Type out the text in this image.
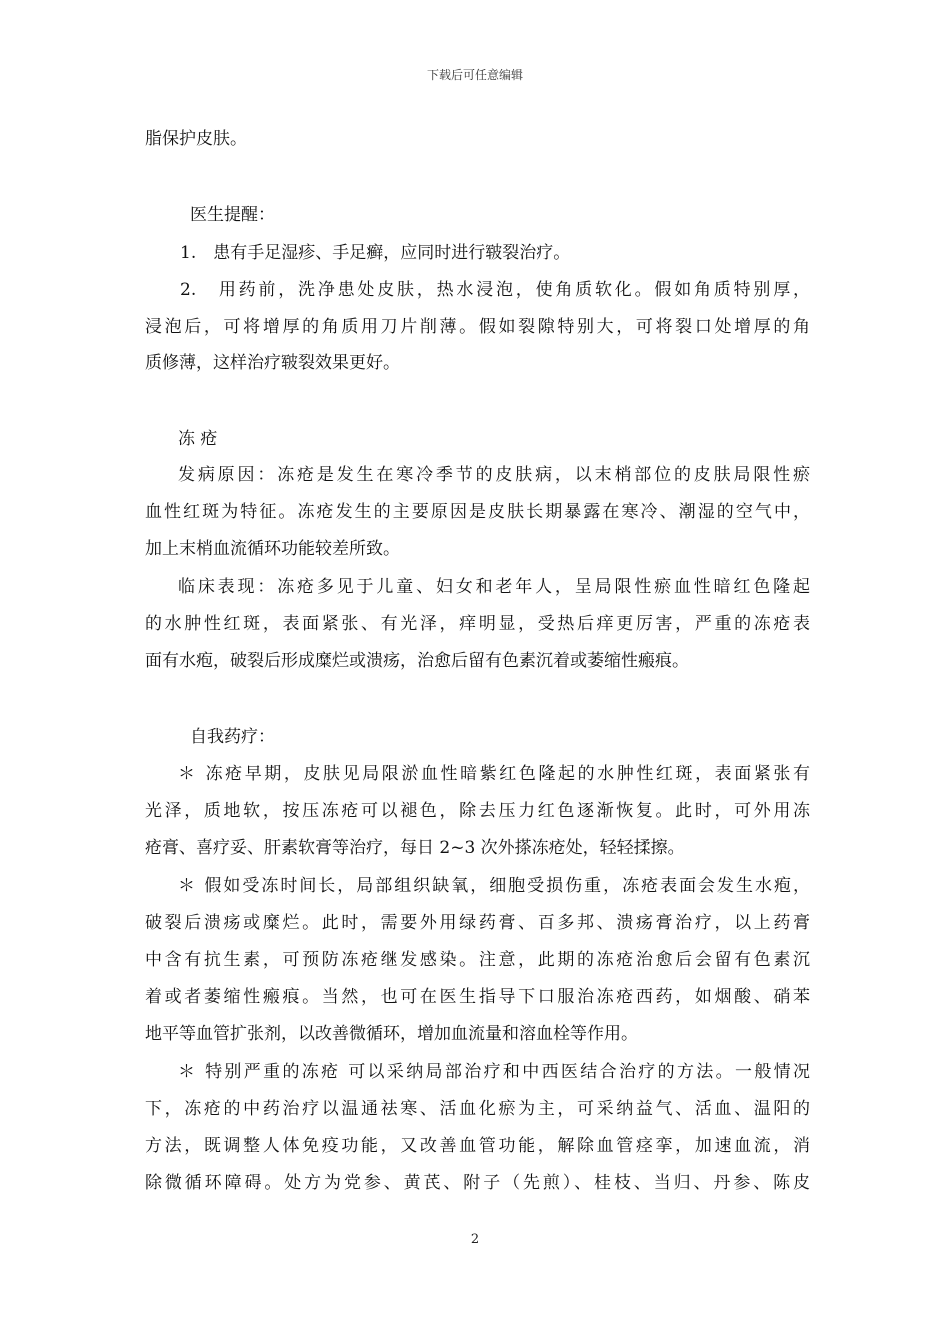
下载后可任意编辑
脂保护皮肤。
医生提醒：
1.　患有手足湿疹、手足癣，应同时进行皲裂治疗。
2.　用药前，洗净患处皮肤，热水浸泡，使角质软化。假如角质特别厚，
浸泡后，可将增厚的角质用刀片削薄。假如裂隙特别大，可将裂口处增厚的角
质修薄，这样治疗皲裂效果更好。
冻 疮
发病原因：冻疮是发生在寒冷季节的皮肤病，以末梢部位的皮肤局限性瘀
血性红斑为特征。冻疮发生的主要原因是皮肤长期暴露在寒冷、潮湿的空气中，
加上末梢血流循环功能较差所致。
临床表现：冻疮多见于儿童、妇女和老年人，呈局限性瘀血性暗红色隆起
的水肿性红斑，表面紧张、有光泽，痒明显，受热后痒更厉害，严重的冻疮表
面有水疱，破裂后形成糜烂或溃疡，治愈后留有色素沉着或萎缩性瘢痕。
自我药疗：
＊ 冻疮早期，皮肤见局限淤血性暗紫红色隆起的水肿性红斑，表面紧张有
光泽，质地软，按压冻疮可以褪色，除去压力红色逐渐恢复。此时，可外用冻
疮膏、喜疗妥、肝素软膏等治疗，每日 2~3 次外搽冻疮处，轻轻揉擦。
＊ 假如受冻时间长，局部组织缺氧，细胞受损伤重，冻疮表面会发生水疱，
破裂后溃疡或糜烂。此时，需要外用绿药膏、百多邦、溃疡膏治疗，以上药膏
中含有抗生素，可预防冻疮继发感染。注意，此期的冻疮治愈后会留有色素沉
着或者萎缩性瘢痕。当然，也可在医生指导下口服治冻疮西药，如烟酸、硝苯
地平等血管扩张剂，以改善微循环，增加血流量和溶血栓等作用。
＊ 特别严重的冻疮 可以采纳局部治疗和中西医结合治疗的方法。一般情况
下，冻疮的中药治疗以温通祛寒、活血化瘀为主，可采纳益气、活血、温阳的
方法，既调整人体免疫功能，又改善血管功能，解除血管痉挛，加速血流，消
除微循环障碍。处方为党参、黄芪、附子（先煎）、桂枝、当归、丹参、陈皮
2
